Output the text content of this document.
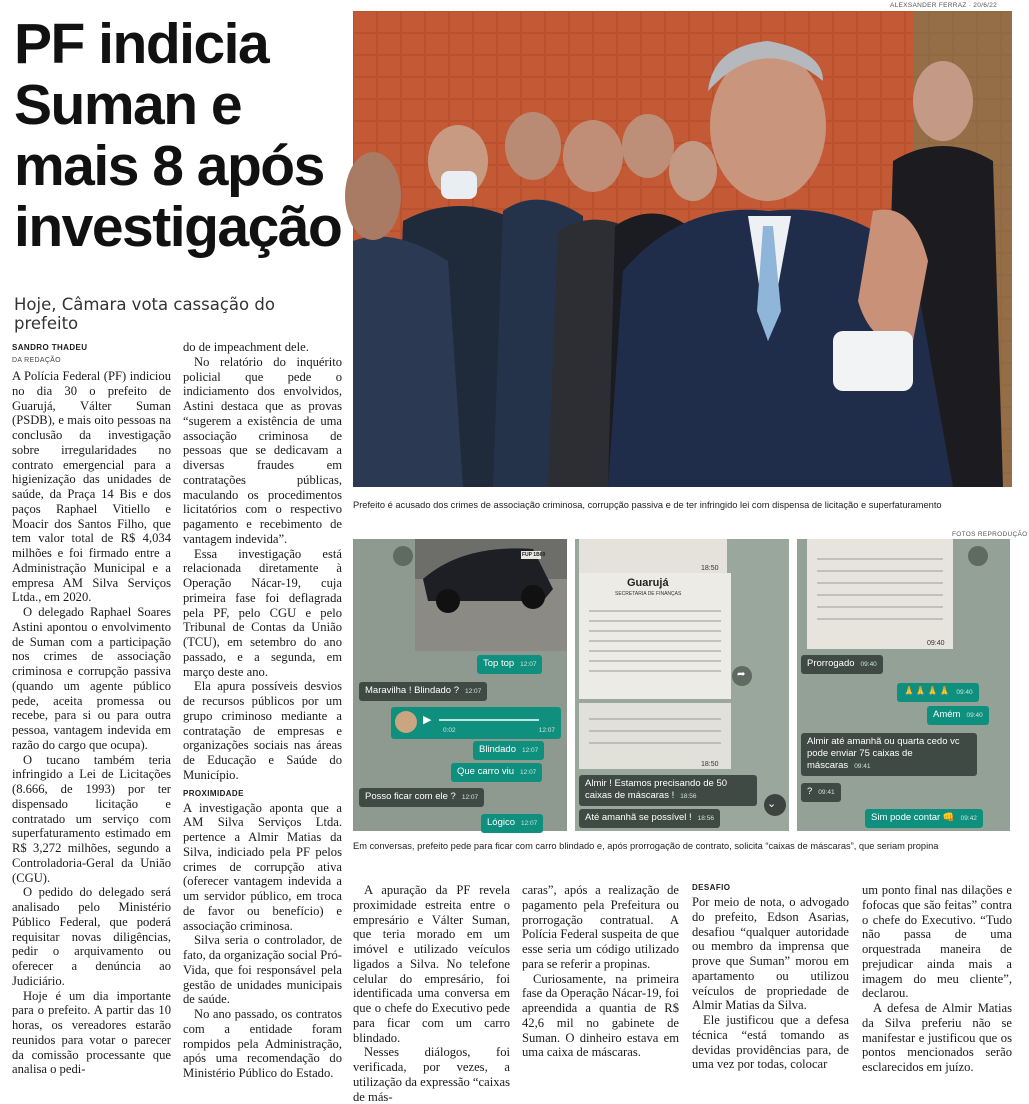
PF indicia
Suman e
mais 8 após
investigação
Hoje, Câmara vota cassação do prefeito
SANDRO THADEU
DA REDAÇÃO

A Polícia Federal (PF) indiciou no dia 30 o prefeito de Guarujá, Válter Suman (PSDB), e mais oito pessoas na conclusão da investigação sobre irregularidades no contrato emergencial para a higienização das unidades de saúde, da Praça 14 Bis e dos paços Raphael Vitiello e Moacir dos Santos Filho, que tem valor total de R$ 4,034 milhões e foi firmado entre a Administração Municipal e a empresa AM Silva Serviços Ltda., em 2020.

O delegado Raphael Soares Astini apontou o envolvimento de Suman com a participação nos crimes de associação criminosa e corrupção passiva (quando um agente público pede, aceita promessa ou recebe, para si ou para outra pessoa, vantagem indevida em razão do cargo que ocupa).

O tucano também teria infringido a Lei de Licitações (8.666, de 1993) por ter dispensado licitação e contratado um serviço com superfaturamento estimado em R$ 3,272 milhões, segundo a Controladoria-Geral da União (CGU).

O pedido do delegado será analisado pelo Ministério Público Federal, que poderá requisitar novas diligências, pedir o arquivamento ou oferecer a denúncia ao Judiciário.

Hoje é um dia importante para o prefeito. A partir das 10 horas, os vereadores estarão reunidos para votar o parecer da comissão processante que analisa o pedi-

do de impeachment dele.

No relatório do inquérito policial que pede o indiciamento dos envolvidos, Astini destaca que as provas “sugerem a existência de uma associação criminosa de pessoas que se dedicavam a diversas fraudes em contratações públicas, maculando os procedimentos licitatórios com o respectivo pagamento e recebimento de vantagem indevida”.

Essa investigação está relacionada diretamente à Operação Nácar-19, cuja primeira fase foi deflagrada pela PF, pelo CGU e pelo Tribunal de Contas da União (TCU), em setembro do ano passado, e a segunda, em março deste ano.

Ela apura possíveis desvios de recursos públicos por um grupo criminoso mediante a contratação de empresas e organizações sociais nas áreas de Educação e Saúde do Município.

PROXIMIDADE

A investigação aponta que a AM Silva Serviços Ltda. pertence a Almir Matias da Silva, indiciado pela PF pelos crimes de corrupção ativa (oferecer vantagem indevida a um servidor público, em troca de favor ou benefício) e associação criminosa.

Silva seria o controlador, de fato, da organização social Pró-Vida, que foi responsável pela gestão de unidades municipais de saúde.

No ano passado, os contratos com a entidade foram rompidos pela Administração, após uma recomendação do Ministério Público do Estado.

ALEXSANDER FERRAZ · 20/6/22
Prefeito é acusado dos crimes de associação criminosa, corrupção passiva e de ter infringido lei com dispensa de licitação e superfaturamento
FOTOS REPRODUÇÃO
FUP 1B69
Top top 12:07
Maravilha ! Blindado ? 12:07
▶
0:02	12:07
Blindado 12:07
Que carro viu 12:07
Posso ficar com ele ? 12:07
Lógico 12:07
Guarujá
SECRETARIA DE FINANÇAS
18:50
18:50
➦
Almir ! Estamos precisando de 50 caixas de máscaras ! 18:56
Até amanhã se possível ! 18:56
⌄
09:40
Prorrogado 09:40
🙏🙏🙏🙏 09:40
Amém 09:40
Almir até amanhã ou quarta cedo vc pode enviar 75 caixas de máscaras 09:41
? 09:41
Sim pode contar 👊 09:42
Em conversas, prefeito pede para ficar com carro blindado e, após prorrogação de contrato, solicita “caixas de máscaras”, que seriam propina

A apuração da PF revela proximidade estreita entre o empresário e Válter Suman, que teria morado em um imóvel e utilizado veículos ligados a Silva. No telefone celular do empresário, foi identificada uma conversa em que o chefe do Executivo pede para ficar com um carro blindado.

Nesses diálogos, foi verificada, por vezes, a utilização da expressão “caixas de más-

caras”, após a realização de pagamento pela Prefeitura ou prorrogação contratual. A Polícia Federal suspeita de que esse seria um código utilizado para se referir a propinas.

Curiosamente, na primeira fase da Operação Nácar-19, foi apreendida a quantia de R$ 42,6 mil no gabinete de Suman. O dinheiro estava em uma caixa de máscaras.

DESAFIO

Por meio de nota, o advogado do prefeito, Edson Asarias, desafiou “qualquer autoridade ou membro da imprensa que prove que Suman” morou em apartamento ou utilizou veículos de propriedade de Almir Matias da Silva.

Ele justificou que a defesa técnica “está tomando as devidas providências para, de uma vez por todas, colocar

um ponto final nas dilações e fofocas que são feitas” contra o chefe do Executivo. “Tudo não passa de uma orquestrada maneira de prejudicar ainda mais a imagem do meu cliente”, declarou.

A defesa de Almir Matias da Silva preferiu não se manifestar e justificou que os pontos mencionados serão esclarecidos em juízo.
